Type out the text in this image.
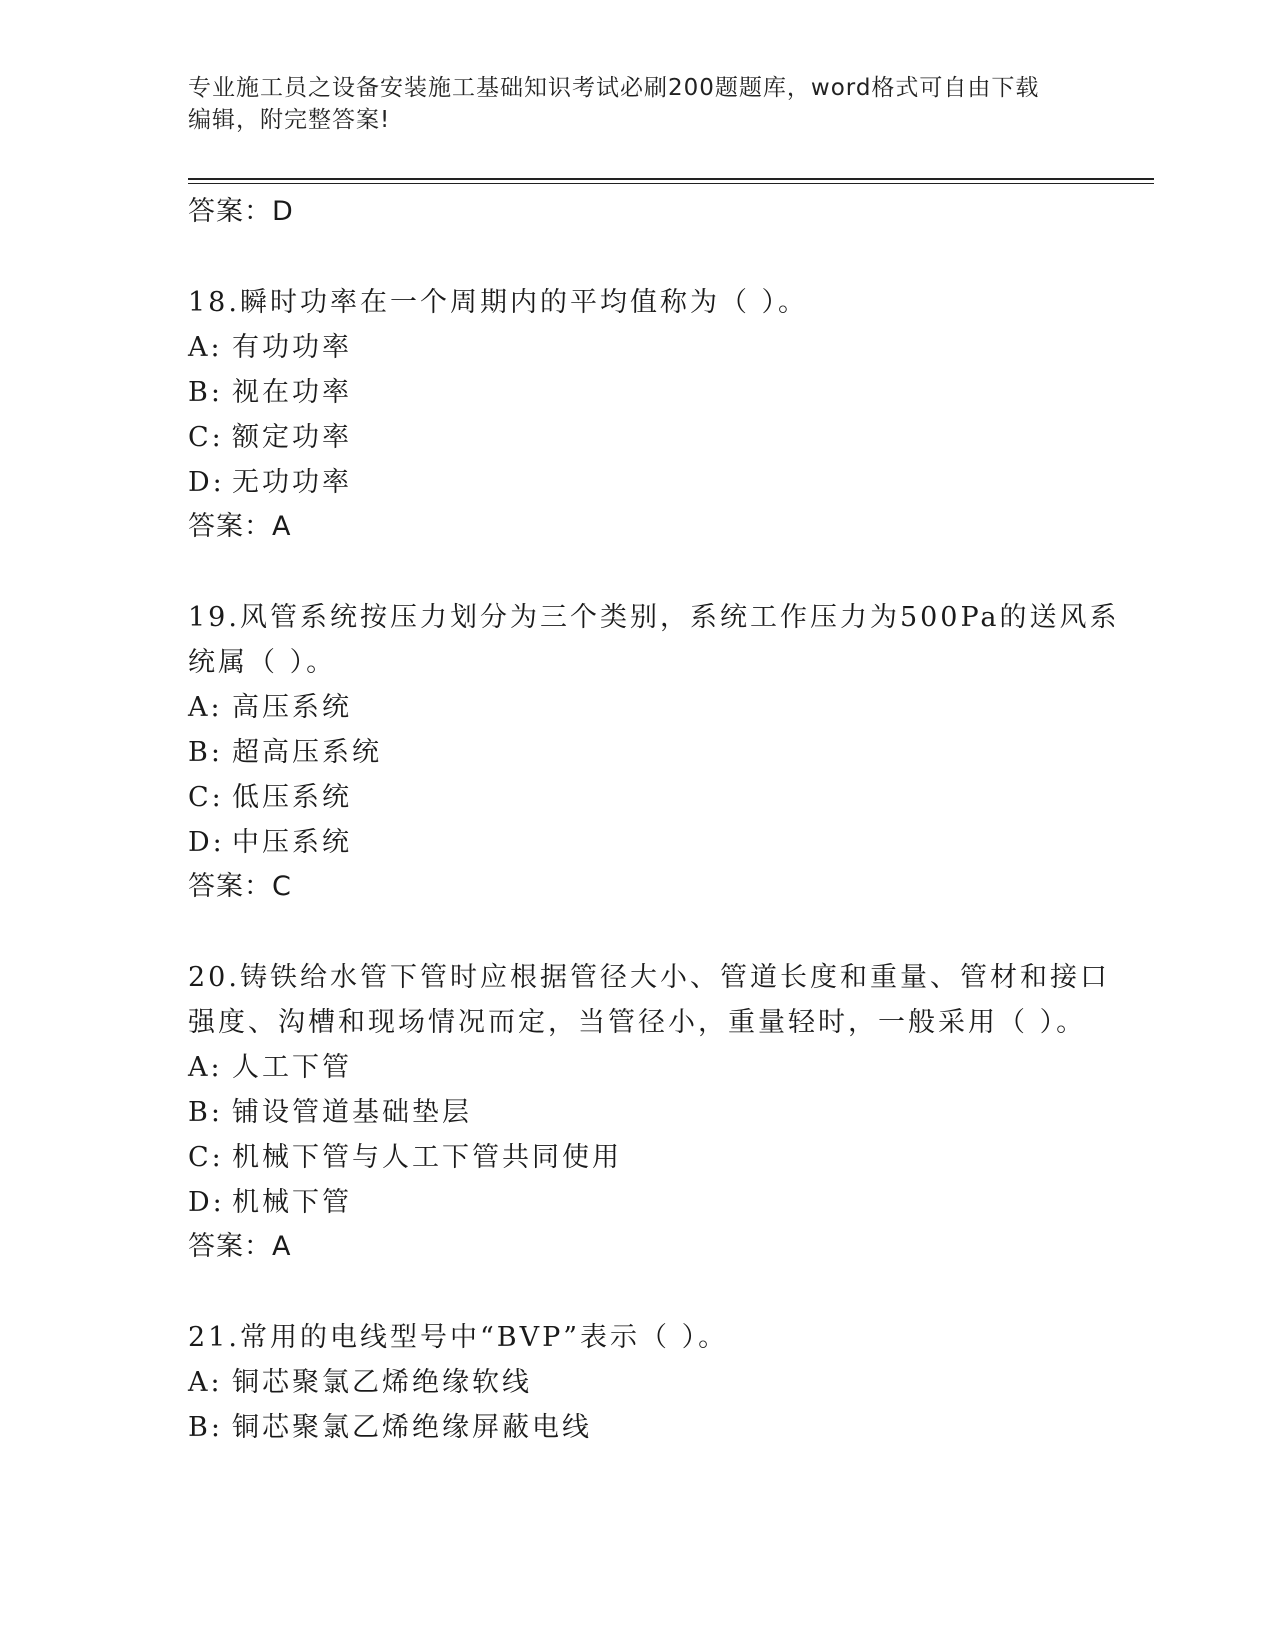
专业施工员之设备安装施工基础知识考试必刷200题题库，word格式可自由下载
编辑，附完整答案!
答案：D
18.瞬时功率在一个周期内的平均值称为（ ）。
A: 有功功率
B: 视在功率
C: 额定功率
D: 无功功率
答案：A
19.风管系统按压力划分为三个类别，系统工作压力为500Pa的送风系
统属（ ）。
A: 高压系统
B: 超高压系统
C: 低压系统
D: 中压系统
答案：C
20.铸铁给水管下管时应根据管径大小、管道长度和重量、管材和接口
强度、沟槽和现场情况而定，当管径小，重量轻时，一般采用（ ）。
A: 人工下管
B: 铺设管道基础垫层
C: 机械下管与人工下管共同使用
D: 机械下管
答案：A
21.常用的电线型号中“BVP”表示（ ）。
A: 铜芯聚氯乙烯绝缘软线
B: 铜芯聚氯乙烯绝缘屏蔽电线
